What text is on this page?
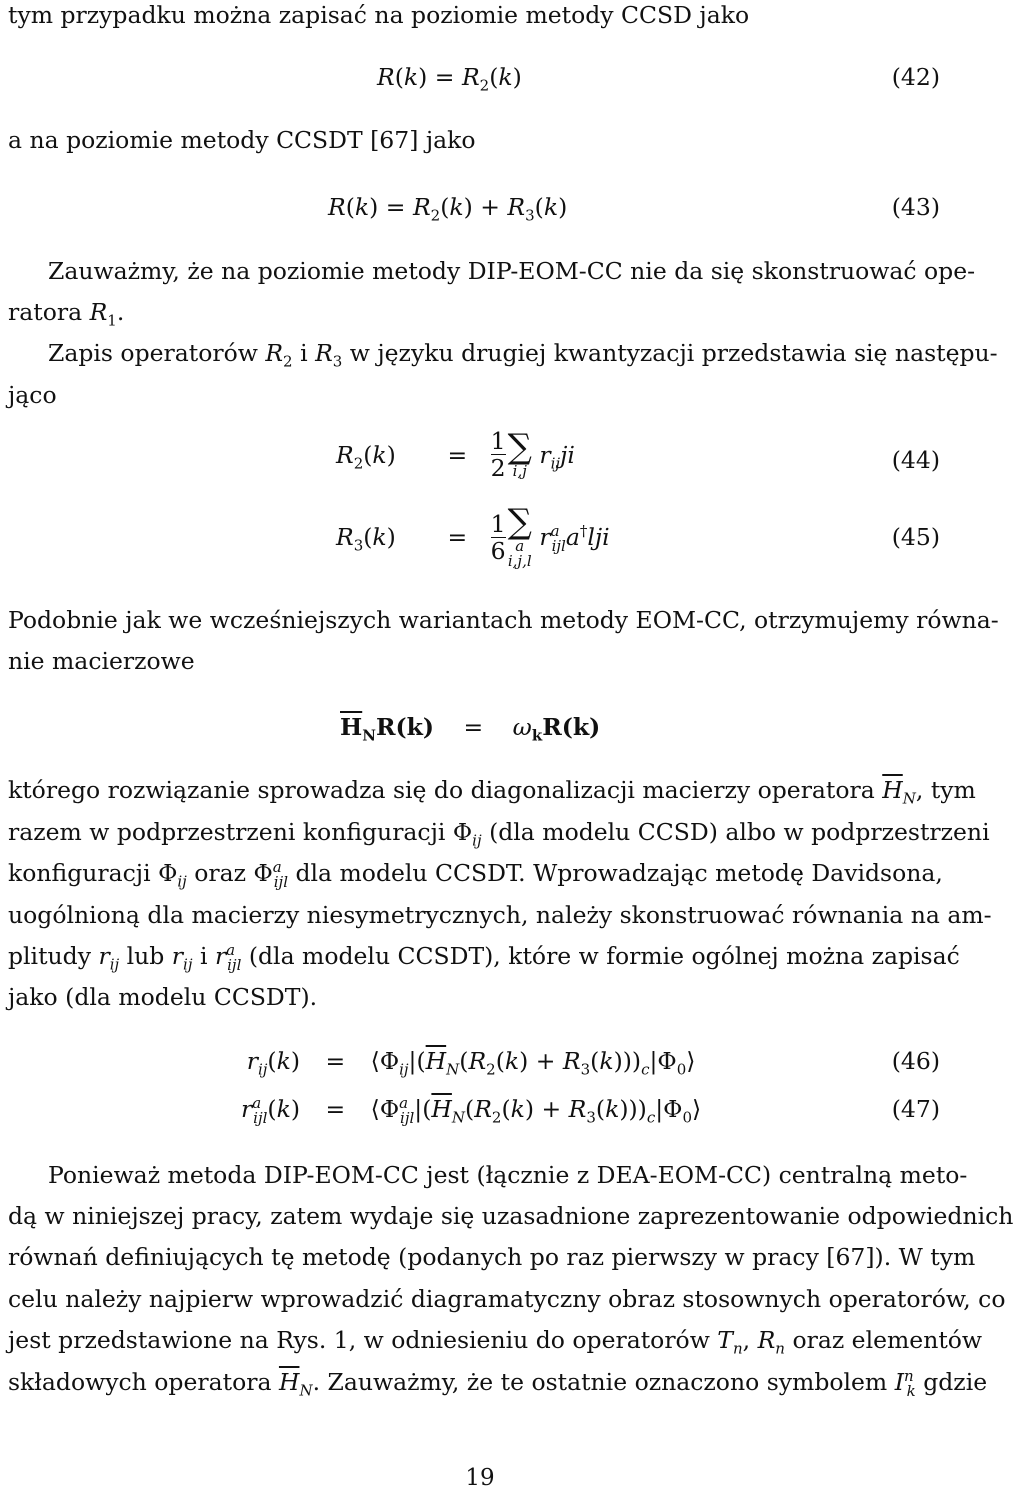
tym przypadku można zapisać na poziomie metody CCSD jako
$R(k) = R_2(k)$	(42)
a na poziomie metody CCSDT [67] jako
$R(k) = R_2(k) + R_3(k)$	(43)
Zauważmy, że na poziomie metody DIP-EOM-CC nie da się skonstruować ope-
ratora $R_1$.
Zapis operatorów $R_2$ i $R_3$ w języku drugiej kwantyzacji przedstawia się następu-
jąco
$R_2(k) = \frac{1}{2}$ ∑
i,j
$r_{ij}ji$	(44)
$R_3(k) = \frac{1}{6}$ ∑
a
i,j,l
$r^a_{ijl}a^\dagger lji$	(45)
Podobnie jak we wcześniejszych wariantach metody EOM-CC, otrzymujemy równa-
nie macierzowe
$\overline{H}_NR(k) = \omega_kR(k)$
którego rozwiązanie sprowadza się do diagonalizacji macierzy operatora $\overline{H}_N$, tym
razem w podprzestrzeni konfiguracji $\Phi_{ij}$ (dla modelu CCSD) albo w podprzestrzeni
konfiguracji $\Phi_{ij}$ oraz $\Phi^a_{ijl}$ dla modelu CCSDT. Wprowadzając metodę Davidsona,
uogólnioną dla macierzy niesymetrycznych, należy skonstruować równania na am-
plitudy $r_{ij}$ lub $r_{ij}$ i $r^a_{ijl}$ (dla modelu CCSDT), które w formie ogólnej można zapisać
jako (dla modelu CCSDT).
$r_{ij}(k)$ = $⟨\Phi_{ij}|(\overline{H}_N(R_2(k)$ + $R_3(k)))_c|\Phi_0⟩$	(46)
$r^a_{ijl}(k)$ = $⟨\Phi^a_{ijl}|(\overline{H}_N(R_2(k)$ + $R_3(k)))_c|\Phi_0⟩$	(47)
Ponieważ metoda DIP-EOM-CC jest (łącznie z DEA-EOM-CC) centralną meto-
dą w niniejszej pracy, zatem wydaje się uzasadnione zaprezentowanie odpowiednich
równań definiujących tę metodę (podanych po raz pierwszy w pracy [67]). W tym
celu należy najpierw wprowadzić diagramatyczny obraz stosownych operatorów, co
jest przedstawione na Rys. 1, w odniesieniu do operatorów $T_n$, $R_n$ oraz elementów
składowych operatora $\overline{H}_N$. Zauważmy, że te ostatnie oznaczono symbolem $I^n_k$ gdzie
19
